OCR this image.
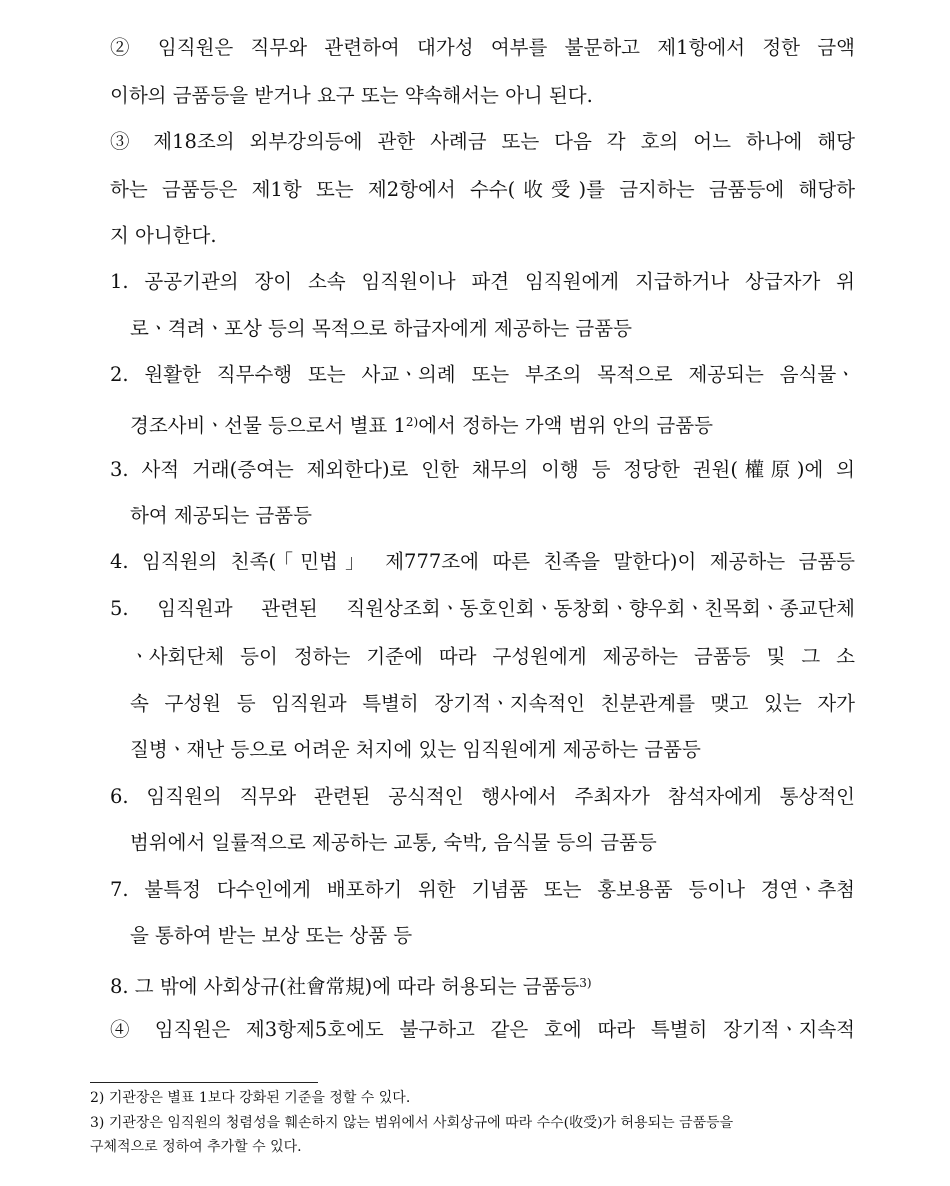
② 임직원은 직무와 관련하여 대가성 여부를 불문하고 제1항에서 정한 금액
이하의 금품등을 받거나 요구 또는 약속해서는 아니 된다.
③ 제18조의 외부강의등에 관한 사례금 또는 다음 각 호의 어느 하나에 해당
하는 금품등은 제1항 또는 제2항에서 수수(收受)를 금지하는 금품등에 해당하
지 아니한다.
1. 공공기관의 장이 소속 임직원이나 파견 임직원에게 지급하거나 상급자가 위
로ㆍ격려ㆍ포상 등의 목적으로 하급자에게 제공하는 금품등
2. 원활한 직무수행 또는 사교ㆍ의례 또는 부조의 목적으로 제공되는 음식물ㆍ
경조사비ㆍ선물 등으로서 별표 1$^{2)}$에서 정하는 가액 범위 안의 금품등
3. 사적 거래(증여는 제외한다)로 인한 채무의 이행 등 정당한 권원(權原)에 의
하여 제공되는 금품등
4. 임직원의 친족(「민법」 제777조에 따른 친족을 말한다)이 제공하는 금품등
5. 임직원과 관련된 직원상조회ㆍ동호인회ㆍ동창회ㆍ향우회ㆍ친목회ㆍ종교단체
ㆍ사회단체 등이 정하는 기준에 따라 구성원에게 제공하는 금품등 및 그 소
속 구성원 등 임직원과 특별히 장기적ㆍ지속적인 친분관계를 맺고 있는 자가
질병ㆍ재난 등으로 어려운 처지에 있는 임직원에게 제공하는 금품등
6. 임직원의 직무와 관련된 공식적인 행사에서 주최자가 참석자에게 통상적인
범위에서 일률적으로 제공하는 교통, 숙박, 음식물 등의 금품등
7. 불특정 다수인에게 배포하기 위한 기념품 또는 홍보용품 등이나 경연ㆍ추첨
을 통하여 받는 보상 또는 상품 등
8. 그 밖에 사회상규(社會常規)에 따라 허용되는 금품등$^{3)}$
④ 임직원은 제3항제5호에도 불구하고 같은 호에 따라 특별히 장기적ㆍ지속적
2) 기관장은 별표 1보다 강화된 기준을 정할 수 있다.
3) 기관장은 임직원의 청렴성을 훼손하지 않는 범위에서 사회상규에 따라 수수(收受)가 허용되는 금품등을
구체적으로 정하여 추가할 수 있다.
